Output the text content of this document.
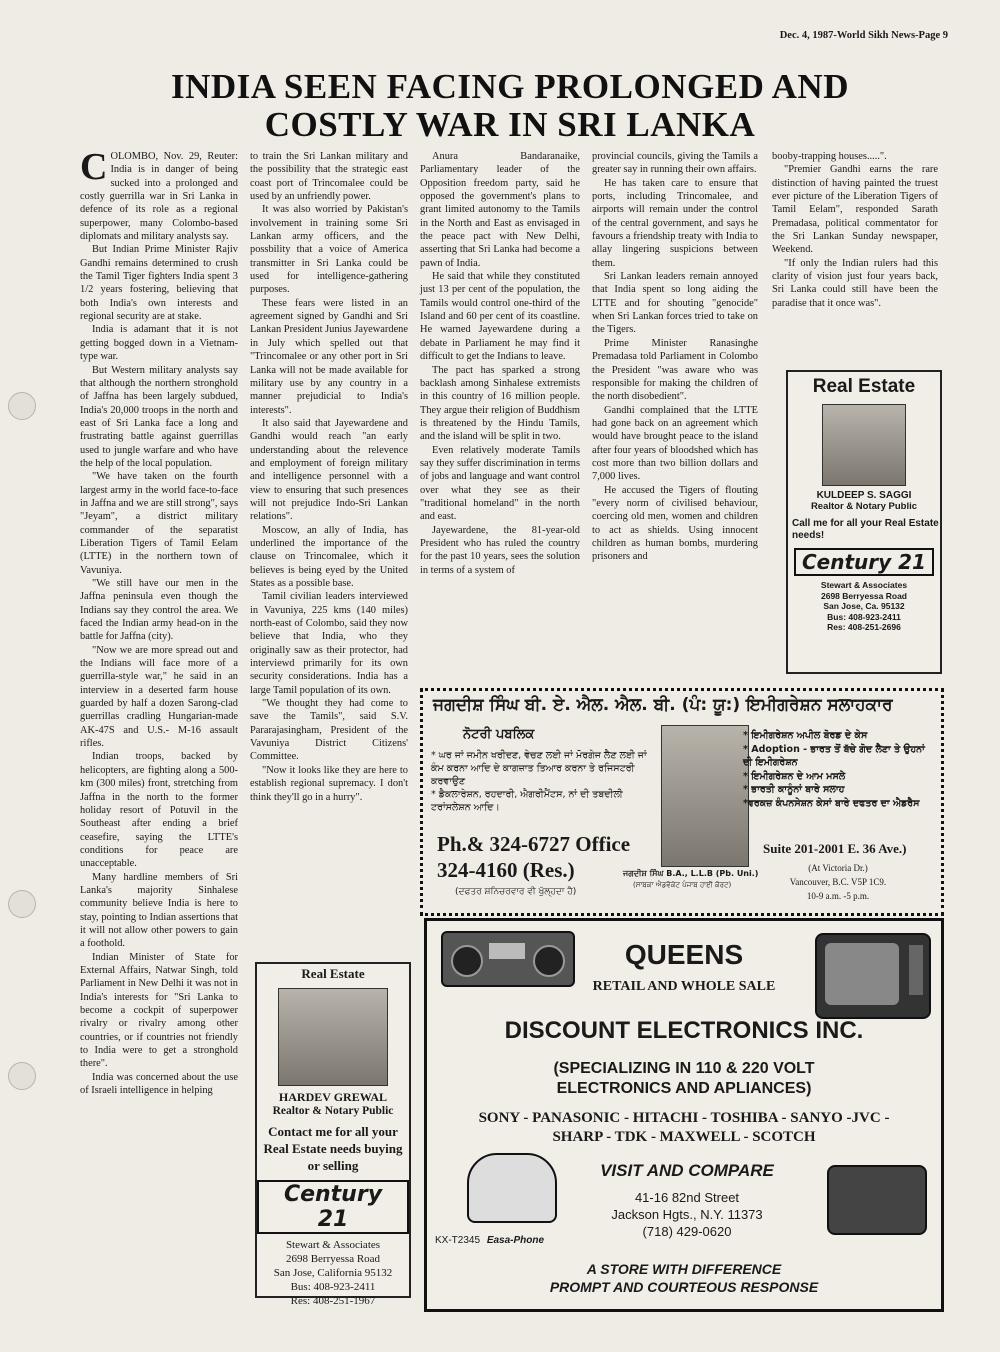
Dec. 4, 1987-World Sikh News-Page 9
INDIA SEEN FACING PROLONGED AND COSTLY WAR IN SRI LANKA

COLOMBO, Nov. 29, Reuter: India is in danger of being sucked into a prolonged and costly guerrilla war in Sri Lanka in defence of its role as a regional superpower, many Colombo-based diplomats and military analysts say.

But Indian Prime Minister Rajiv Gandhi remains determined to crush the Tamil Tiger fighters India spent 3 1/2 years fostering, believing that both India's own interests and regional security are at stake.

India is adamant that it is not getting bogged down in a Vietnam-type war.

But Western military analysts say that although the northern stronghold of Jaffna has been largely subdued, India's 20,000 troops in the north and east of Sri Lanka face a long and frustrating battle against guerrillas used to jungle warfare and who have the help of the local population.

"We have taken on the fourth largest army in the world face-to-face in Jaffna and we are still strong", says "Jeyam", a district military commander of the separatist Liberation Tigers of Tamil Eelam (LTTE) in the northern town of Vavuniya.

"We still have our men in the Jaffna peninsula even though the Indians say they control the area. We faced the Indian army head-on in the battle for Jaffna (city).

"Now we are more spread out and the Indians will face more of a guerrilla-style war," he said in an interview in a deserted farm house guarded by half a dozen Sarong-clad guerrillas cradling Hungarian-made AK-47S and U.S.- M-16 assault rifles.

Indian troops, backed by helicopters, are fighting along a 500-km (300 miles) front, stretching from Jaffna in the north to the former holiday resort of Potuvil in the Southeast after ending a brief ceasefire, saying the LTTE's conditions for peace are unacceptable.

Many hardline members of Sri Lanka's majority Sinhalese community believe India is here to stay, pointing to Indian assertions that it will not allow other powers to gain a foothold.

Indian Minister of State for External Affairs, Natwar Singh, told Parliament in New Delhi it was not in India's interests for "Sri Lanka to become a cockpit of superpower rivalry or rivalry among other countries, or if countries not friendly to India were to get a stronghold there".

India was concerned about the use of Israeli intelligence in helping

to train the Sri Lankan military and the possibility that the strategic east coast port of Trincomalee could be used by an unfriendly power.

It was also worried by Pakistan's involvement in training some Sri Lankan army officers, and the possbility that a voice of America transmitter in Sri Lanka could be used for intelligence-gathering purposes.

These fears were listed in an agreement signed by Gandhi and Sri Lankan President Junius Jayewardene in July which spelled out that "Trincomalee or any other port in Sri Lanka will not be made available for military use by any country in a manner prejudicial to India's interests".

It also said that Jayewardene and Gandhi would reach "an early understanding about the relevence and employment of foreign military and intelligence personnel with a view to ensuring that such presences will not prejudice Indo-Sri Lankan relations".

Moscow, an ally of India, has underlined the importance of the clause on Trincomalee, which it believes is being eyed by the United States as a possible base.

Tamil civilian leaders interviewed in Vavuniya, 225 kms (140 miles) north-east of Colombo, said they now believe that India, who they originally saw as their protector, had interviewd primarily for its own security considerations. India has a large Tamil population of its own.

"We thought they had come to save the Tamils", said S.V. Pararajasingham, President of the Vavuniya District Citizens' Committee.

"Now it looks like they are here to establish regional supremacy. I don't think they'll go in a hurry".

Anura Bandaranaike, Parliamentary leader of the Opposition freedom party, said he opposed the government's plans to grant limited autonomy to the Tamils in the North and East as envisaged in the peace pact with New Delhi, asserting that Sri Lanka had become a pawn of India.

He said that while they constituted just 13 per cent of the population, the Tamils would control one-third of the Island and 60 per cent of its coastline. He warned Jayewardene during a debate in Parliament he may find it difficult to get the Indians to leave.

The pact has sparked a strong backlash among Sinhalese extremists in this country of 16 million people. They argue their religion of Buddhism is threatened by the Hindu Tamils, and the island will be split in two.

Even relatively moderate Tamils say they suffer discrimination in terms of jobs and language and want control over what they see as their "traditional homeland" in the north and east.

Jayewardene, the 81-year-old President who has ruled the country for the past 10 years, sees the solution in terms of a system of

provincial councils, giving the Tamils a greater say in running their own affairs.

He has taken care to ensure that ports, including Trincomalee, and airports will remain under the control of the central government, and says he favours a friendship treaty with India to allay lingering suspicions between them.

Sri Lankan leaders remain annoyed that India spent so long aiding the LTTE and for shouting "genocide" when Sri Lankan forces tried to take on the Tigers.

Prime Minister Ranasinghe Premadasa told Parliament in Colombo the President "was aware who was responsible for making the children of the north disobedient".

Gandhi complained that the LTTE had gone back on an agreement which would have brought peace to the island after four years of bloodshed which has cost more than two billion dollars and 7,000 lives.

He accused the Tigers of flouting "every norm of civilised behaviour, coercing old men, women and children to act as shields. Using innocent children as human bombs, murdering prisoners and

booby-trapping houses.....".

"Premier Gandhi earns the rare distinction of having painted the truest ever picture of the Liberation Tigers of Tamil Eelam", responded Sarath Premadasa, political commentator for the Sri Lankan Sunday newspaper, Weekend.

"If only the Indian rulers had this clarity of vision just four years back, Sri Lanka could still have been the paradise that it once was".

Real Estate
HARDEV GREWAL
Realtor & Notary Public
Contact me for all your Real Estate needs buying or selling
Century 21
Stewart & Associates
2698 Berryessa Road
San Jose, California 95132
Bus: 408-923-2411
Res: 408-251-1967
Real Estate
KULDEEP S. SAGGI
Realtor & Notary Public
Call me for all your Real Estate needs!
Century 21
Stewart & Associates
2698 Berryessa Road
San Jose, Ca. 95132
Bus: 408-923-2411
Res: 408-251-2696
ਜਗਦੀਸ਼ ਸਿੰਘ ਬੀ. ਏ. ਐਲ. ਐਲ. ਬੀ. (ਪੰ: ਯੂ:) ਇਮੀਗਰੇਸ਼ਨ ਸਲਾਹਕਾਰ
ਨੋਟਰੀ ਪਬਲਿਕ
* ਘਰ ਜਾਂ ਜਮੀਨ ਖਰੀਦਣ, ਵੇਚਣ ਲਈ ਜਾਂ ਮੋਰਗੇਜ ਲੈਣ ਲਈ ਜਾਂ ਕੰਮ ਕਰਨਾ ਆਦਿ ਦੇ ਕਾਗਜ਼ਾਤ ਤਿਆਰ ਕਰਨਾ ਤੇ ਰਜਿਸਟਰੀ ਕਰਵਾਉਣ
* ਡੈਕਲਾਰੇਸ਼ਨ, ਰਹਦਾਰੀ, ਐਗਰੀਮੈਂਟਸ, ਨਾਂ ਦੀ ਤਬਦੀਲੀ ਟਰਾਂਸਲੇਸ਼ਨ ਆਦਿ।
* ਇਮੀਗਰੇਸ਼ਨ ਅਪੀਲ ਬੋਰਡ ਦੇ ਕੇਸ
* Adoption - ਭਾਰਤ ਤੋਂ ਬੱਚੇ ਗੋਦ ਲੈਣਾ ਤੇ ਉਹਨਾਂ ਦੀ ਇਮੀਗਰੇਸ਼ਨ
* ਇਮੀਗਰੇਸ਼ਨ ਦੇ ਆਮ ਮਸਲੇ
* ਭਾਰਤੀ ਕਾਨੂੰਨਾਂ ਬਾਰੇ ਸਲਾਹ
*ਵਰਕਜ਼ ਕੰਪਨਸੇਸ਼ਨ ਕੇਸਾਂ ਬਾਰੇ ਦਫਤਰ ਦਾ ਐਡਰੈਸ
Ph.& 324-6727 Office
324-4160 (Res.)
(ਦਫਤਰ ਸ਼ਨਿਚਰਵਾਰ ਵੀ ਖੁੱਲ੍ਹਦਾ ਹੈ)
ਜਗਦੀਸ਼ ਸਿੰਘ B.A., L.L.B (Pb. Uni.)
(ਸਾਬਕਾ ਐਡਵੋਕੇਟ ਪੰਜਾਬ ਹਾਈ ਕੋਰਟ)
Suite 201-2001 E. 36 Ave.)
(At Victoria Dr.)
Vancouver, B.C. V5P 1C9.
10-9 a.m. -5 p.m.
QUEENS
RETAIL AND WHOLE SALE
DISCOUNT ELECTRONICS INC.
(SPECIALIZING IN 110 & 220 VOLT
ELECTRONICS AND APLIANCES)
SONY - PANASONIC - HITACHI - TOSHIBA - SANYO -JVC -
SHARP - TDK - MAXWELL - SCOTCH
VISIT AND COMPARE
41-16 82nd Street
Jackson Hgts., N.Y. 11373
(718) 429-0620
KX-T2345 Easa-Phone
A STORE WITH DIFFERENCE
PROMPT AND COURTEOUS RESPONSE
